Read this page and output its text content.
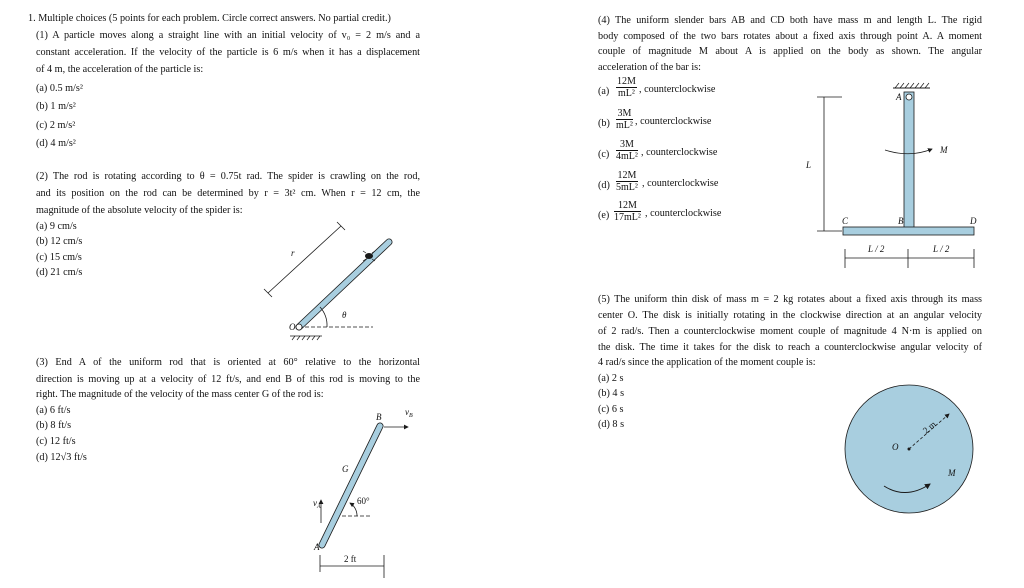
1. Multiple choices (5 points for each problem. Circle correct answers. No partial credit.)
(1) A particle moves along a straight line with an initial velocity of v₀ = 2 m/s and a
constant acceleration. If the velocity of the particle is 6 m/s when it has a displacement
of 4 m, the acceleration of the particle is:
(a) 0.5 m/s²
(b) 1 m/s²
(c) 2 m/s²
(d) 4 m/s²
(2) The rod is rotating according to θ = 0.75t rad. The spider is crawling on the rod,
and its position on the rod can be determined by r = 3t² cm. When r = 12 cm, the
magnitude of the absolute velocity of the spider is:
(a) 9 cm/s
(b) 12 cm/s
(c) 15 cm/s
(d) 21 cm/s
(3) End A of the uniform rod that is oriented at 60° relative to the horizontal
direction is moving up at a velocity of 12 ft/s, and end B of this rod is moving to the
right. The magnitude of the velocity of the mass center G of the rod is:
(a) 6 ft/s
(b) 8 ft/s
(c) 12 ft/s
(d) 12√3 ft/s
(4) The uniform slender bars AB and CD both have mass m and length L. The rigid
body composed of the two bars rotates about a fixed axis through point A. A moment
couple of magnitude M about A is applied on the body as shown. The angular
acceleration of the bar is:
$(a) \frac{12M}{\text{mL²}}$ , counterclockwise
$(b) \frac{3M}{\text{mL²}}$ , counterclockwise
$(c) \frac{3M}{\text{4mL²}}$ , counterclockwise
$(d) \frac{12M}{\text{5mL²}}$ , counterclockwise
$(e) \frac{12M}{\text{17mL²}}$ , counterclockwise
(5) The uniform thin disk of mass m = 2 kg rotates about a fixed axis through its mass
center O. The disk is initially rotating in the clockwise direction at an angular velocity
of 2 rad/s. Then a counterclockwise moment couple of magnitude 4 N·m is applied on
the disk. The time it takes for the disk to reach a counterclockwise angular velocity of
4 rad/s since the application of the moment couple is:
(a) 2 s
(b) 4 s
(c) 6 s
(d) 8 s
r
θ
O
B	$v_B$
G
$v_A$
60°
A
2 ft
A
M
L
C	B	D
L / 2	L / 2
O
2 m
M
